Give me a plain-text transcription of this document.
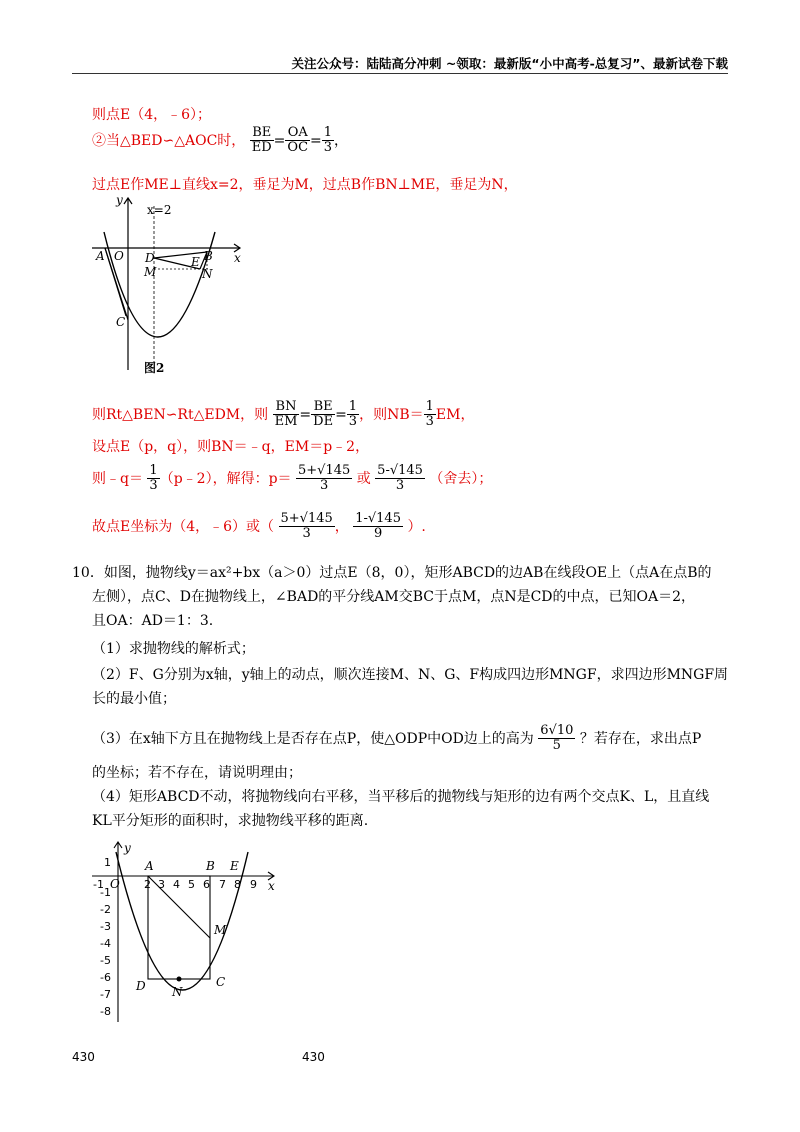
关注公众号：陆陆高分冲刺 ~领取：最新版“小中高考-总复习”、最新试卷下载
则点E（4，﹣6）；
②当△BED∽△AOC时， $\frac{BE}{ED} = \frac{OA}{OC} = \frac{1}{3}$ ，
过点E作ME⊥直线x=2，垂足为M，过点B作BN⊥ME，垂足为N，
y
x
x=2
A O D	B
M
E
N
C
图2
则Rt△BEN∽Rt△EDM，则 $\frac{BN}{EM} = \frac{BE}{DE} = \frac{1}{3}$ ，则$NB= \frac{1}{3}$ EM，
设点E（p，q），则BN＝﹣q，EM＝p﹣2，
则﹣q＝ $\frac{1}{3}$ （p﹣2），解得：$p= \frac{5+√145}{3}$ 或 $\frac{5-√145}{3}$ （舍去）；
故点E坐标为（4，﹣6）或（ $\frac{5+√145}{3}$ ， $\frac{1-√145}{9}$ ）.
10．如图，抛物线y＝ax²+bx（a＞0）过点E（8，0），矩形ABCD的边AB在线段OE上（点A在点B的
左侧），点C、D在抛物线上，∠BAD的平分线AM交BC于点M，点N是CD的中点，已知OA＝2，
且OA：AD＝1：3.
（1）求抛物线的解析式；
（2）F、G分别为x轴，y轴上的动点，顺次连接M、N、G、F构成四边形MNGF，求四边形MNGF周
长的最小值；
（3）在x轴下方且在抛物线上是否存在点P，使△ODP中OD边上的高为 $\frac{6√10}{5}$ ？若存在，求出点P
的坐标；若不存在，请说明理由；
（4）矩形ABCD不动，将抛物线向右平移，当平移后的抛物线与矩形的边有两个交点K、L，且直线
KL平分矩形的面积时，求抛物线平移的距离.
-1	2 3 4 5 6 7 8 9
1
-1
-2
-3
-4
-5
-6
-7
-8
y
x
O
A	B E
M
D N
C
430	430
